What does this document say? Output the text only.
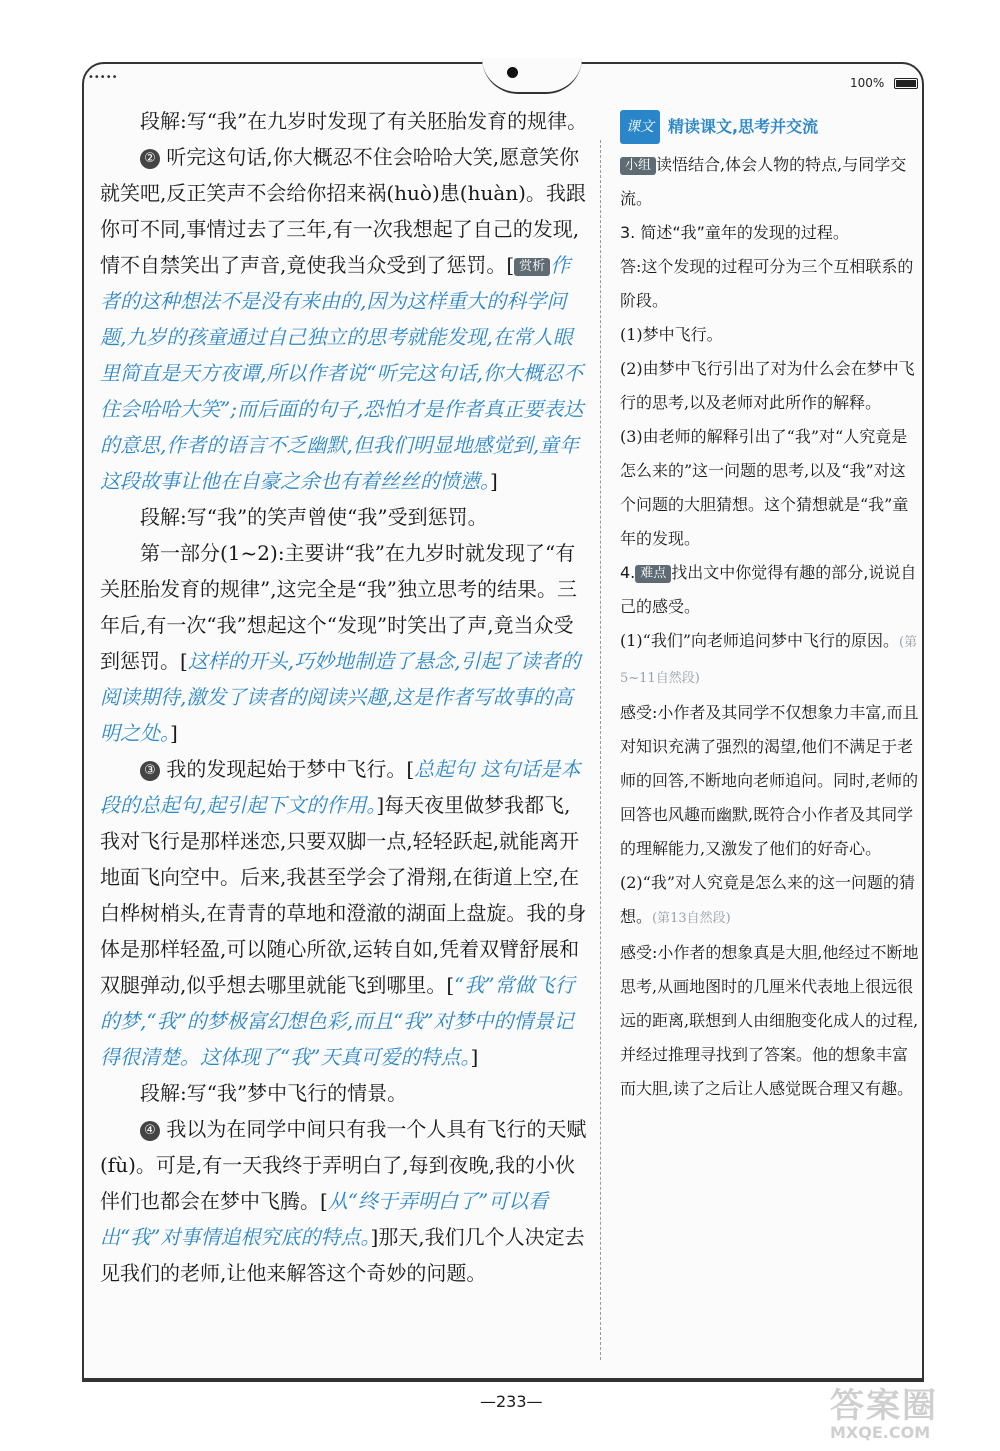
•••••	100%

段解:写“我”在九岁时发现了有关胚胎发育的规律。

② 听完这句话,你大概忍不住会哈哈大笑,愿意笑你就笑吧,反正笑声不会给你招来祸(huò)患(huàn)。我跟你可不同,事情过去了三年,有一次我想起了自己的发现,情不自禁笑出了声音,竟使我当众受到了惩罚。[ 赏析 作者的这种想法不是没有来由的,因为这样重大的科学问题,九岁的孩童通过自己独立的思考就能发现,在常人眼里简直是天方夜谭,所以作者说“听完这句话,你大概忍不住会哈哈大笑”;而后面的句子,恐怕才是作者真正要表达的意思,作者的语言不乏幽默,但我们明显地感觉到,童年这段故事让他在自豪之余也有着丝丝的愤懑。]

段解:写“我”的笑声曾使“我”受到惩罚。

第一部分(1~2):主要讲“我”在九岁时就发现了“有关胚胎发育的规律”,这完全是“我”独立思考的结果。三年后,有一次“我”想起这个“发现”时笑出了声,竟当众受到惩罚。[这样的开头,巧妙地制造了悬念,引起了读者的阅读期待,激发了读者的阅读兴趣,这是作者写故事的高明之处。]

③ 我的发现起始于梦中飞行。[总起句 这句话是本段的总起句,起引起下文的作用。]每天夜里做梦我都飞,我对飞行是那样迷恋,只要双脚一点,轻轻跃起,就能离开地面飞向空中。后来,我甚至学会了滑翔,在街道上空,在白桦树梢头,在青青的草地和澄澈的湖面上盘旋。我的身体是那样轻盈,可以随心所欲,运转自如,凭着双臂舒展和双腿弹动,似乎想去哪里就能飞到哪里。[“我”常做飞行的梦,“我”的梦极富幻想色彩,而且“我”对梦中的情景记得很清楚。这体现了“我”天真可爱的特点。]

段解:写“我”梦中飞行的情景。

④ 我以为在同学中间只有我一个人具有飞行的天赋(fù)。可是,有一天我终于弄明白了,每到夜晚,我的小伙伴们也都会在梦中飞腾。[从“终于弄明白了”可以看出“我”对事情追根究底的特点。]那天,我们几个人决定去见我们的老师,让他来解答这个奇妙的问题。

课文 精读课文,思考并交流

小组 读悟结合,体会人物的特点,与同学交流。

3. 简述“我”童年的发现的过程。

答:这个发现的过程可分为三个互相联系的阶段。

(1)梦中飞行。

(2)由梦中飞行引出了对为什么会在梦中飞行的思考,以及老师对此所作的解释。

(3)由老师的解释引出了“我”对“人究竟是怎么来的”这一问题的思考,以及“我”对这个问题的大胆猜想。这个猜想就是“我”童年的发现。

4. 难点 找出文中你觉得有趣的部分,说说自己的感受。

(1)“我们”向老师追问梦中飞行的原因。(第5~11自然段)

感受:小作者及其同学不仅想象力丰富,而且对知识充满了强烈的渴望,他们不满足于老师的回答,不断地向老师追问。同时,老师的回答也风趣而幽默,既符合小作者及其同学的理解能力,又激发了他们的好奇心。

(2)“我”对人究竟是怎么来的这一问题的猜想。(第13自然段)

感受:小作者的想象真是大胆,他经过不断地思考,从画地图时的几厘米代表地上很远很远的距离,联想到人由细胞变化成人的过程,并经过推理寻找到了答案。他的想象丰富而大胆,读了之后让人感觉既合理又有趣。

—233—	答案圈
MXQE.COM
